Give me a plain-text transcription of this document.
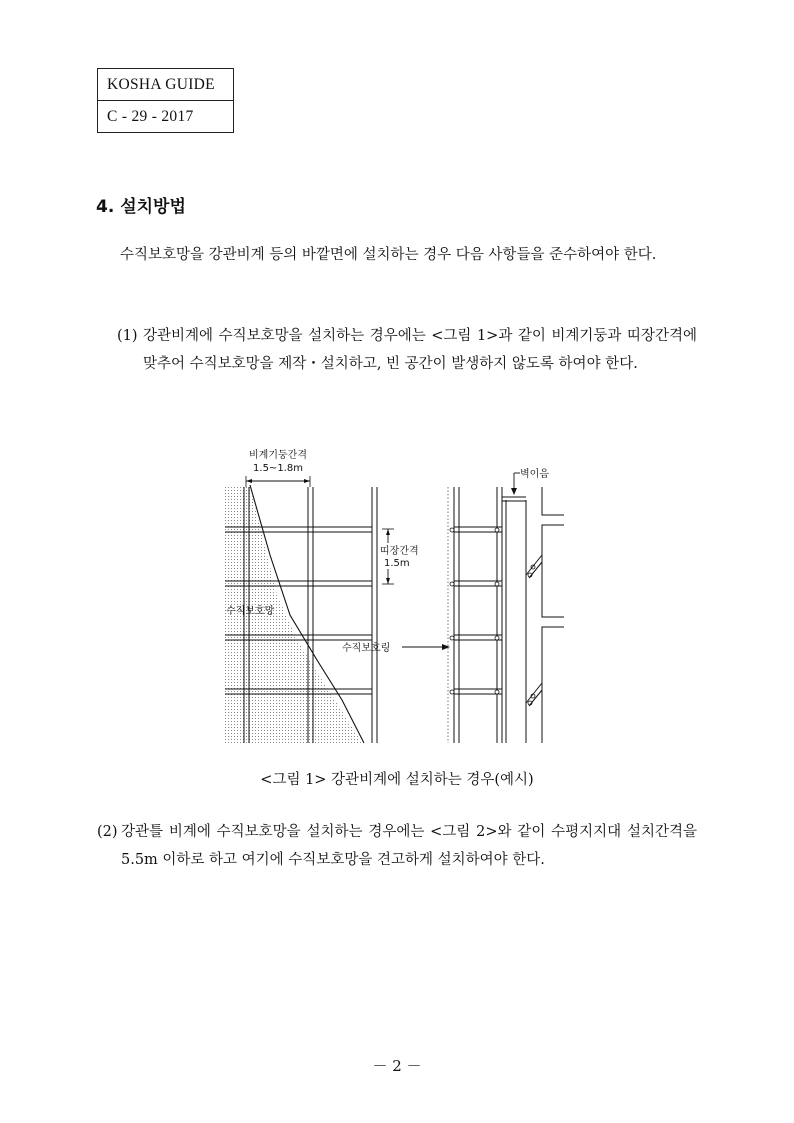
KOSHA GUIDE
C - 29 - 2017
4. 설치방법
수직보호망을 강관비계 등의 바깥면에 설치하는 경우 다음 사항들을 준수하여야 한다.
(1) 강관비계에 수직보호망을 설치하는 경우에는 <그림 1>과 같이 비계기둥과 띠장간격에 맞추어 수직보호망을 제작・설치하고, 빈 공간이 발생하지 않도록 하여야 한다.
비계기둥간격
1.5~1.8m
띠장간격
1.5m
수직보호망
수직보호링
벽이음
<그림 1> 강관비계에 설치하는 경우(예시)
(2) 강관틀 비계에 수직보호망을 설치하는 경우에는 <그림 2>와 같이 수평지지대 설치간격을 5.5m 이하로 하고 여기에 수직보호망을 견고하게 설치하여야 한다.
－ 2 －
